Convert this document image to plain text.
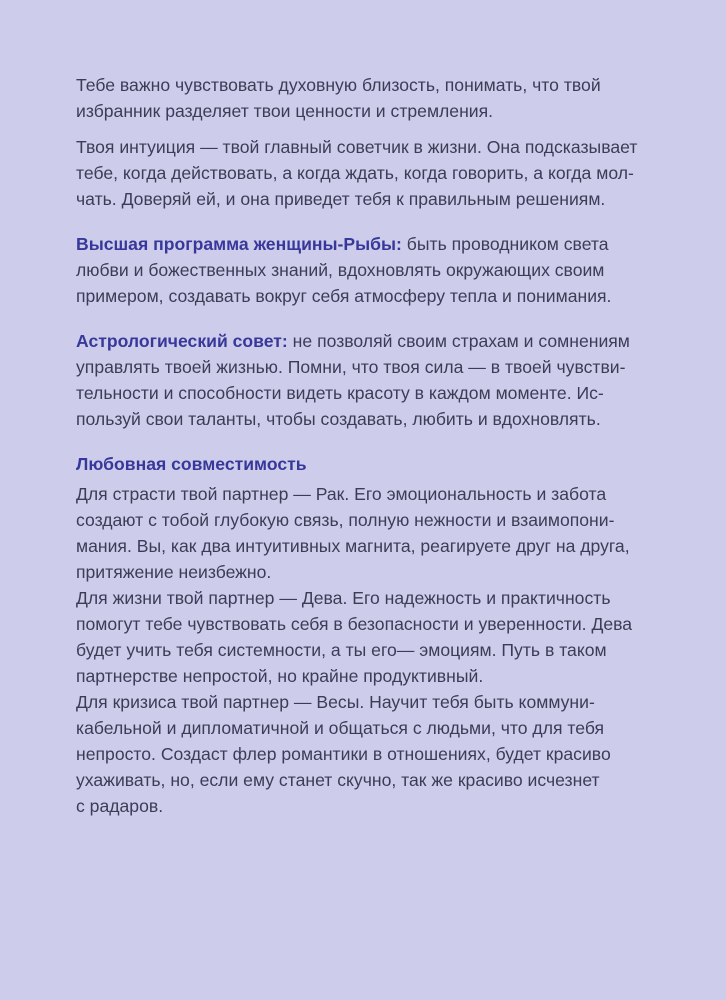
Тебе важно чувствовать духовную близость, понимать, что твой
избранник разделяет твои ценности и стремления.
Твоя интуиция — твой главный советчик в жизни. Она подсказывает
тебе, когда действовать, а когда ждать, когда говорить, а когда мол-
чать. Доверяй ей, и она приведет тебя к правильным решениям.
Высшая программа женщины-Рыбы: быть проводником света
любви и божественных знаний, вдохновлять окружающих своим
примером, создавать вокруг себя атмосферу тепла и понимания.
Астрологический совет: не позволяй своим страхам и сомнениям
управлять твоей жизнью. Помни, что твоя сила — в твоей чувстви-
тельности и способности видеть красоту в каждом моменте. Ис-
пользуй свои таланты, чтобы создавать, любить и вдохновлять.
Любовная совместимость
Для страсти твой партнер — Рак. Его эмоциональность и забота
создают с тобой глубокую связь, полную нежности и взаимопони-
мания. Вы, как два интуитивных магнита, реагируете друг на друга,
притяжение неизбежно.
Для жизни твой партнер — Дева. Его надежность и практичность
помогут тебе чувствовать себя в безопасности и уверенности. Дева
будет учить тебя системности, а ты его— эмоциям. Путь в таком
партнерстве непростой, но крайне продуктивный.
Для кризиса твой партнер — Весы. Научит тебя быть коммуни-
кабельной и дипломатичной и общаться с людьми, что для тебя
непросто. Создаст флер романтики в отношениях, будет красиво
ухаживать, но, если ему станет скучно, так же красиво исчезнет
с радаров.
